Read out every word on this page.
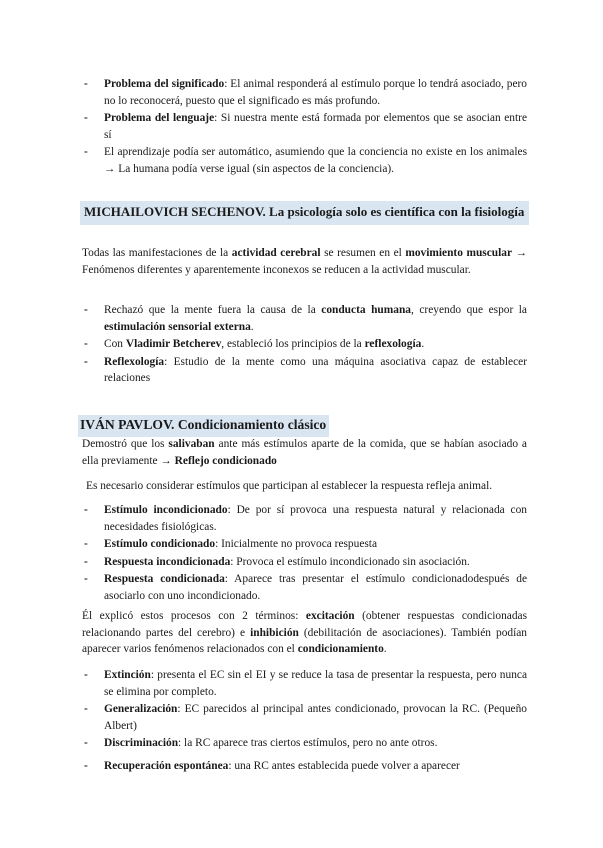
- Problema del significado: El animal responderá al estímulo porque lo tendrá asociado, pero no lo reconocerá, puesto que el significado es más profundo.
- Problema del lenguaje: Si nuestra mente está formada por elementos que se asocian entre sí
- El aprendizaje podía ser automático, asumiendo que la conciencia no existe en los animales → La humana podía verse igual (sin aspectos de la conciencia).
MICHAILOVICH SECHENOV. La psicología solo es científica con la fisiología
Todas las manifestaciones de la actividad cerebral se resumen en el movimiento muscular → Fenómenos diferentes y aparentemente inconexos se reducen a la actividad muscular.
- Rechazó que la mente fuera la causa de la conducta humana, creyendo que espor la estimulación sensorial externa.
- Con Vladimir Betcherev, estableció los principios de la reflexología.
- Reflexología: Estudio de la mente como una máquina asociativa capaz de establecer relaciones
IVÁN PAVLOV. Condicionamiento clásico
Demostró que los salivaban ante más estímulos aparte de la comida, que se habían asociado a ella previamente → Reflejo condicionado
Es necesario considerar estímulos que participan al establecer la respuesta refleja animal.
- Estímulo incondicionado: De por sí provoca una respuesta natural y relacionada con necesidades fisiológicas.
- Estímulo condicionado: Inicialmente no provoca respuesta
- Respuesta incondicionada: Provoca el estímulo incondicionado sin asociación.
- Respuesta condicionada: Aparece tras presentar el estímulo condicionadodespués de asociarlo con uno incondicionado.
Él explicó estos procesos con 2 términos: excitación (obtener respuestas condicionadas relacionando partes del cerebro) e inhibición (debilitación de asociaciones). También podían aparecer varios fenómenos relacionados con el condicionamiento.
- Extinción: presenta el EC sin el EI y se reduce la tasa de presentar la respuesta, pero nunca se elimina por completo.
- Generalización: EC parecidos al principal antes condicionado, provocan la RC. (Pequeño Albert)
- Discriminación: la RC aparece tras ciertos estímulos, pero no ante otros.
- Recuperación espontánea: una RC antes establecida puede volver a aparecer
